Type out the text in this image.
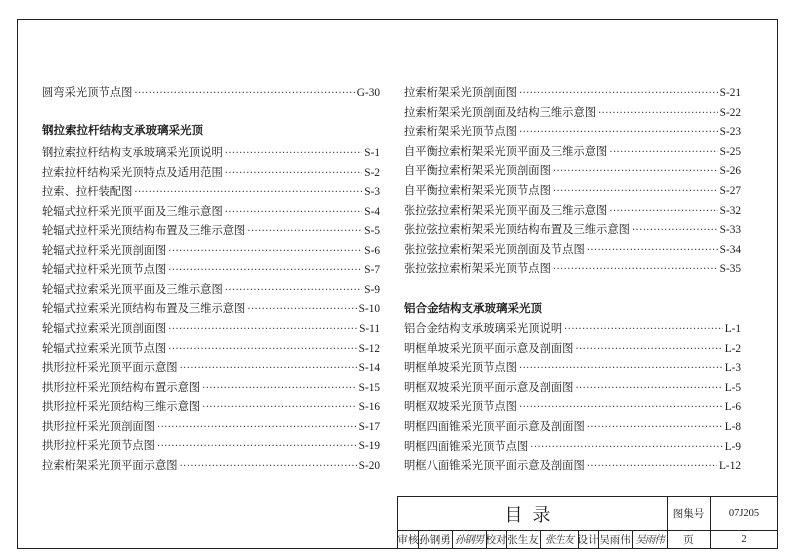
圆弯采光顶节点图 ·····	G-30
钢拉索拉杆结构支承玻璃采光顶
钢拉索拉杆结构支承玻璃采光顶说明 ·····	S-1
拉索拉杆结构采光顶特点及适用范围 ·····	S-2
拉索、拉杆装配图 ·····	S-3
轮辐式拉杆采光顶平面及三维示意图 ·····	S-4
轮辐式拉杆采光顶结构布置及三维示意图 ·····	S-5
轮辐式拉杆采光顶剖面图 ·····	S-6
轮辐式拉杆采光顶节点图 ·····	S-7
轮辐式拉索采光顶平面及三维示意图 ·····	S-9
轮辐式拉索采光顶结构布置及三维示意图 ·····	S-10
轮辐式拉索采光顶剖面图 ·····	S-11
轮辐式拉索采光顶节点图 ·····	S-12
拱形拉杆采光顶平面示意图 ·····	S-14
拱形拉杆采光顶结构布置示意图 ·····	S-15
拱形拉杆采光顶结构三维示意图 ·····	S-16
拱形拉杆采光顶剖面图 ·····	S-17
拱形拉杆采光顶节点图 ·····	S-19
拉索桁架采光顶平面示意图 ·····	S-20
拉索桁架采光顶剖面图 ·····	S-21
拉索桁架采光顶剖面及结构三维示意图 ·····	S-22
拉索桁架采光顶节点图 ·····	S-23
自平衡拉索桁架采光顶平面及三维示意图 ·····	S-25
自平衡拉索桁架采光顶剖面图 ·····	S-26
自平衡拉索桁架采光顶节点图 ·····	S-27
张拉弦拉索桁架采光顶平面及三维示意图 ·····	S-32
张拉弦拉索桁架采光顶结构布置及三维示意图 ·····	S-33
张拉弦拉索桁架采光顶剖面及节点图 ·····	S-34
张拉弦拉索桁架采光顶节点图 ·····	S-35
铝合金结构支承玻璃采光顶
铝合金结构支承玻璃采光顶说明 ·····	L-1
明框单坡采光顶平面示意及剖面图 ·····	L-2
明框单坡采光顶节点图 ·····	L-3
明框双坡采光顶平面示意及剖面图 ·····	L-5
明框双坡采光顶节点图 ·····	L-6
明框四面锥采光顶平面示意及剖面图 ·····	L-8
明框四面锥采光顶节点图 ·····	L-9
明框八面锥采光顶平面示意及剖面图 ·····	L-12
目录	图集号	07J205
审核 孙钢勇 孙钢男 校对 张生友 张生友 设计 吴雨伟 吴雨伟	页	2
